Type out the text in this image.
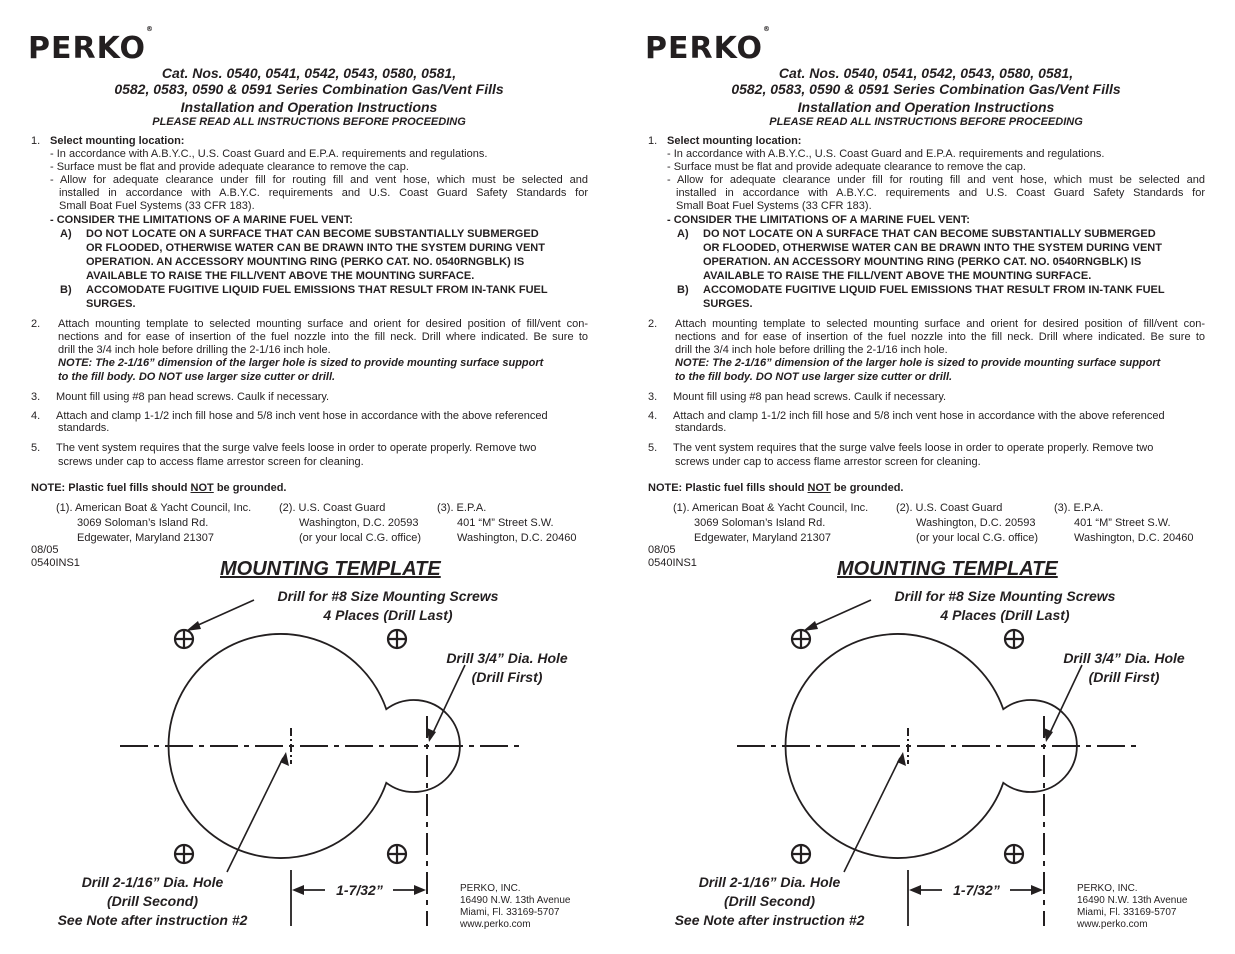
PERKO®
Cat. Nos. 0540, 0541, 0542, 0543, 0580, 0581,
0582, 0583, 0590 & 0591 Series Combination Gas/Vent Fills
Installation and Operation Instructions
PLEASE READ ALL INSTRUCTIONS BEFORE PROCEEDING
1. Select mounting location:
- In accordance with A.B.Y.C., U.S. Coast Guard and E.P.A. requirements and regulations.
- Surface must be flat and provide adequate clearance to remove the cap.
- Allow for adequate clearance under fill for routing fill and vent hose, which must be selected and
installed in accordance with A.B.Y.C. requirements and U.S. Coast Guard Safety Standards for
Small Boat Fuel Systems (33 CFR 183).
- CONSIDER THE LIMITATIONS OF A MARINE FUEL VENT:
A) DO NOT LOCATE ON A SURFACE THAT CAN BECOME SUBSTANTIALLY SUBMERGED
OR FLOODED, OTHERWISE WATER CAN BE DRAWN INTO THE SYSTEM DURING VENT
OPERATION. AN ACCESSORY MOUNTING RING (PERKO CAT. NO. 0540RNGBLK) IS
AVAILABLE TO RAISE THE FILL/VENT ABOVE THE MOUNTING SURFACE.
B) ACCOMODATE FUGITIVE LIQUID FUEL EMISSIONS THAT RESULT FROM IN-TANK FUEL
SURGES.
2. Attach mounting template to selected mounting surface and orient for desired position of fill/vent con-
nections and for ease of insertion of the fuel nozzle into the fill neck. Drill where indicated. Be sure to
drill the 3/4 inch hole before drilling the 2-1/16 inch hole.
NOTE: The 2-1/16” dimension of the larger hole is sized to provide mounting surface support
to the fill body. DO NOT use larger size cutter or drill.
3. Mount fill using #8 pan head screws. Caulk if necessary.
4. Attach and clamp 1-1/2 inch fill hose and 5/8 inch vent hose in accordance with the above referenced
standards.
5. The vent system requires that the surge valve feels loose in order to operate properly. Remove two
screws under cap to access flame arrestor screen for cleaning.
NOTE: Plastic fuel fills should NOT be grounded.
(1). American Boat & Yacht Council, Inc.
3069 Soloman’s Island Rd.
Edgewater, Maryland 21307
(2). U.S. Coast Guard
Washington, D.C. 20593
(or your local C.G. office)
(3). E.P.A.
401 “M” Street S.W.
Washington, D.C. 20460
08/05
0540INS1	MOUNTING TEMPLATE
Drill for #8 Size Mounting Screws
4 Places (Drill Last)
Drill 3/4” Dia. Hole
(Drill First)
Drill 2-1/16” Dia. Hole
(Drill Second)
See Note after instruction #2
1-7/32”	PERKO, INC.
16490 N.W. 13th Avenue
Miami, Fl. 33169-5707
www.perko.com
PERKO®
Cat. Nos. 0540, 0541, 0542, 0543, 0580, 0581,
0582, 0583, 0590 & 0591 Series Combination Gas/Vent Fills
Installation and Operation Instructions
PLEASE READ ALL INSTRUCTIONS BEFORE PROCEEDING
1. Select mounting location:
- In accordance with A.B.Y.C., U.S. Coast Guard and E.P.A. requirements and regulations.
- Surface must be flat and provide adequate clearance to remove the cap.
- Allow for adequate clearance under fill for routing fill and vent hose, which must be selected and
installed in accordance with A.B.Y.C. requirements and U.S. Coast Guard Safety Standards for
Small Boat Fuel Systems (33 CFR 183).
- CONSIDER THE LIMITATIONS OF A MARINE FUEL VENT:
A) DO NOT LOCATE ON A SURFACE THAT CAN BECOME SUBSTANTIALLY SUBMERGED
OR FLOODED, OTHERWISE WATER CAN BE DRAWN INTO THE SYSTEM DURING VENT
OPERATION. AN ACCESSORY MOUNTING RING (PERKO CAT. NO. 0540RNGBLK) IS
AVAILABLE TO RAISE THE FILL/VENT ABOVE THE MOUNTING SURFACE.
B) ACCOMODATE FUGITIVE LIQUID FUEL EMISSIONS THAT RESULT FROM IN-TANK FUEL
SURGES.
2. Attach mounting template to selected mounting surface and orient for desired position of fill/vent con-
nections and for ease of insertion of the fuel nozzle into the fill neck. Drill where indicated. Be sure to
drill the 3/4 inch hole before drilling the 2-1/16 inch hole.
NOTE: The 2-1/16” dimension of the larger hole is sized to provide mounting surface support
to the fill body. DO NOT use larger size cutter or drill.
3. Mount fill using #8 pan head screws. Caulk if necessary.
4. Attach and clamp 1-1/2 inch fill hose and 5/8 inch vent hose in accordance with the above referenced
standards.
5. The vent system requires that the surge valve feels loose in order to operate properly. Remove two
screws under cap to access flame arrestor screen for cleaning.
NOTE: Plastic fuel fills should NOT be grounded.
(1). American Boat & Yacht Council, Inc.
3069 Soloman’s Island Rd.
Edgewater, Maryland 21307
(2). U.S. Coast Guard
Washington, D.C. 20593
(or your local C.G. office)
(3). E.P.A.
401 “M” Street S.W.
Washington, D.C. 20460
08/05
0540INS1	MOUNTING TEMPLATE
Drill for #8 Size Mounting Screws
4 Places (Drill Last)
Drill 3/4” Dia. Hole
(Drill First)
Drill 2-1/16” Dia. Hole
(Drill Second)
See Note after instruction #2
1-7/32”	PERKO, INC.
16490 N.W. 13th Avenue
Miami, Fl. 33169-5707
www.perko.com
